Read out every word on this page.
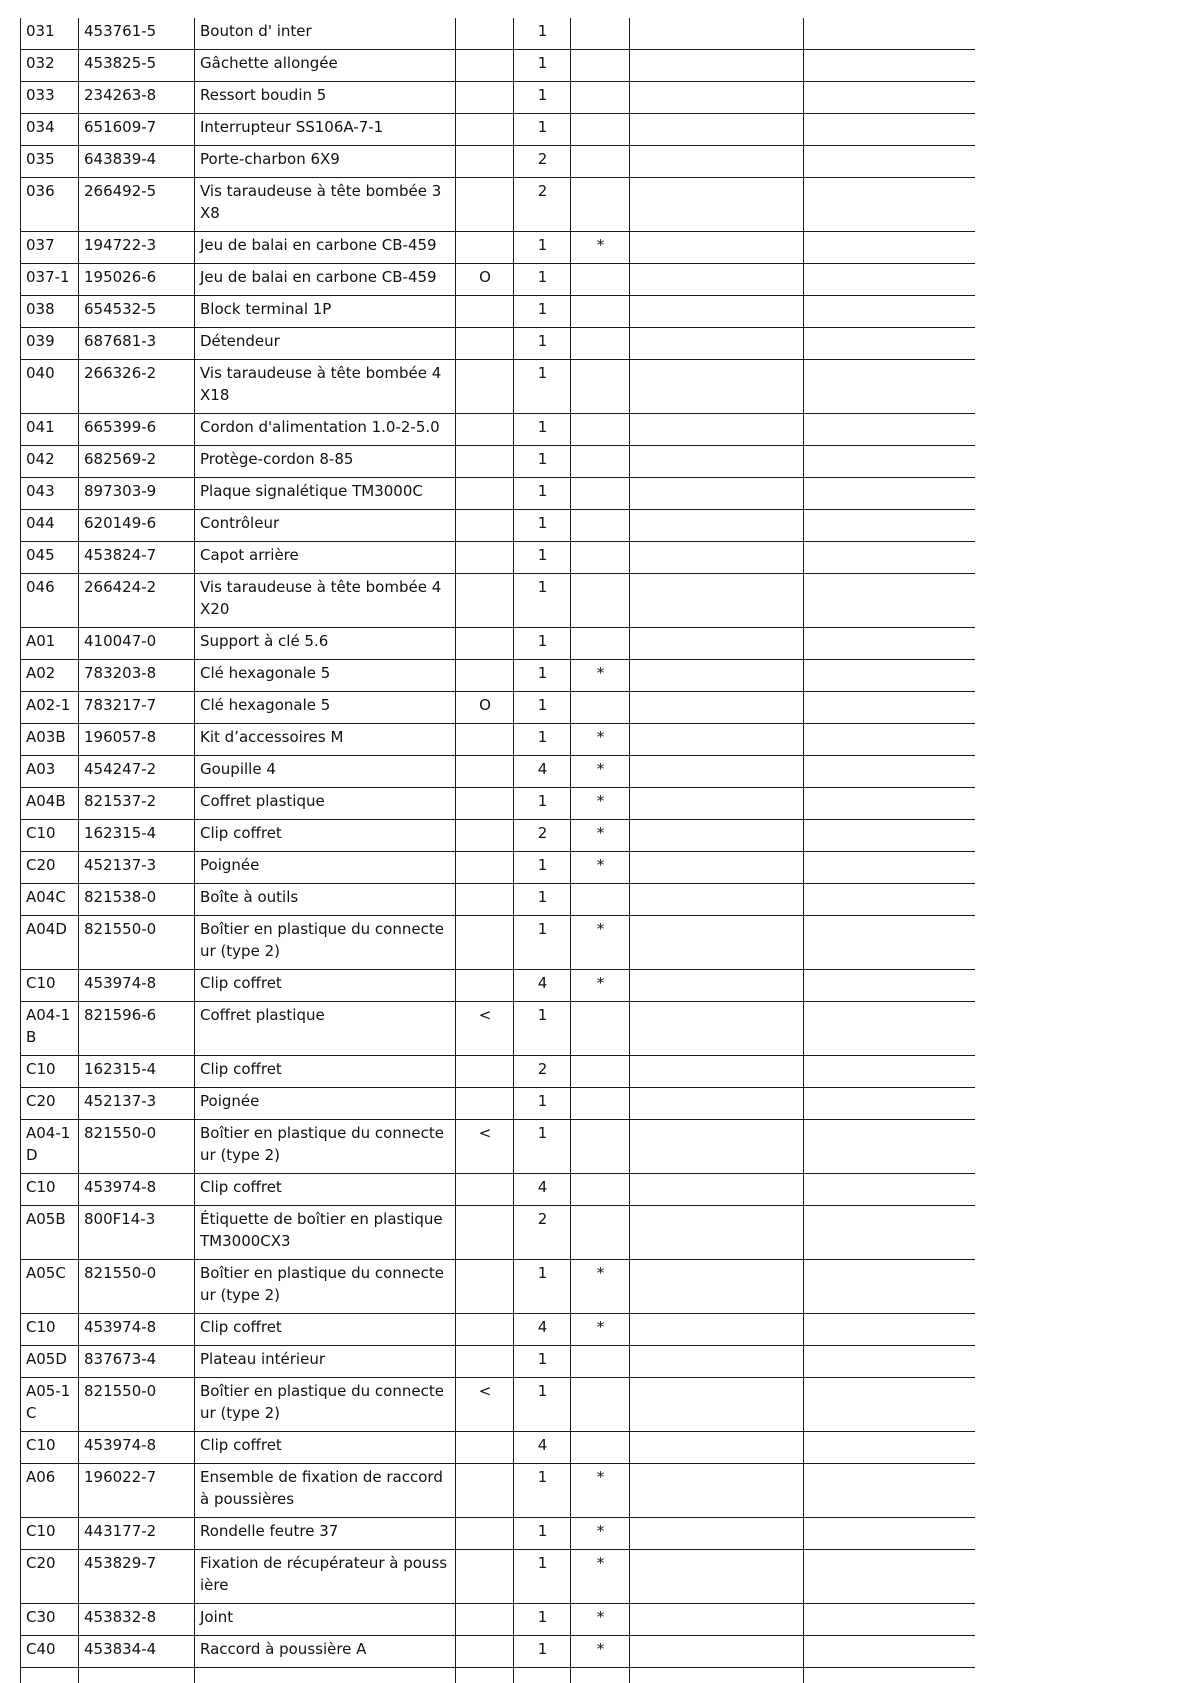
031	453761-5	Bouton d' inter		1			
032	453825-5	Gâchette allongée		1			
033	234263-8	Ressort boudin 5		1			
034	651609-7	Interrupteur SS106A-7-1		1			
035	643839-4	Porte-charbon 6X9		2			
036	266492-5	Vis taraudeuse à tête bombée 3X8		2			
037	194722-3	Jeu de balai en carbone CB-459		1	*		
037-1	195026-6	Jeu de balai en carbone CB-459	O	1			
038	654532-5	Block terminal 1P		1			
039	687681-3	Détendeur		1			
040	266326-2	Vis taraudeuse à tête bombée 4X18		1			
041	665399-6	Cordon d'alimentation 1.0-2-5.0		1			
042	682569-2	Protège-cordon 8-85		1			
043	897303-9	Plaque signalétique TM3000C		1			
044	620149-6	Contrôleur		1			
045	453824-7	Capot arrière		1			
046	266424-2	Vis taraudeuse à tête bombée 4X20		1			
A01	410047-0	Support à clé 5.6		1			
A02	783203-8	Clé hexagonale 5		1	*		
A02-1	783217-7	Clé hexagonale 5	O	1			
A03B	196057-8	Kit d’accessoires M		1	*		
A03	454247-2	Goupille 4		4	*		
A04B	821537-2	Coffret plastique		1	*		
C10	162315-4	Clip coffret		2	*		
C20	452137-3	Poignée		1	*		
A04C	821538-0	Boîte à outils		1			
A04D	821550-0	Boîtier en plastique du connecteur (type 2)		1	*		
C10	453974-8	Clip coffret		4	*		
A04-1B	821596-6	Coffret plastique	<	1			
C10	162315-4	Clip coffret		2			
C20	452137-3	Poignée		1			
A04-1D	821550-0	Boîtier en plastique du connecteur (type 2)	<	1			
C10	453974-8	Clip coffret		4			
A05B	800F14-3	Étiquette de boîtier en plastique TM3000CX3		2			
A05C	821550-0	Boîtier en plastique du connecteur (type 2)		1	*		
C10	453974-8	Clip coffret		4	*		
A05D	837673-4	Plateau intérieur		1			
A05-1C	821550-0	Boîtier en plastique du connecteur (type 2)	<	1			
C10	453974-8	Clip coffret		4			
A06	196022-7	Ensemble de fixation de raccord à poussières		1	*		
C10	443177-2	Rondelle feutre 37		1	*		
C20	453829-7	Fixation de récupérateur à poussière		1	*		
C30	453832-8	Joint		1	*		
C40	453834-4	Raccord à poussière A		1	*		
